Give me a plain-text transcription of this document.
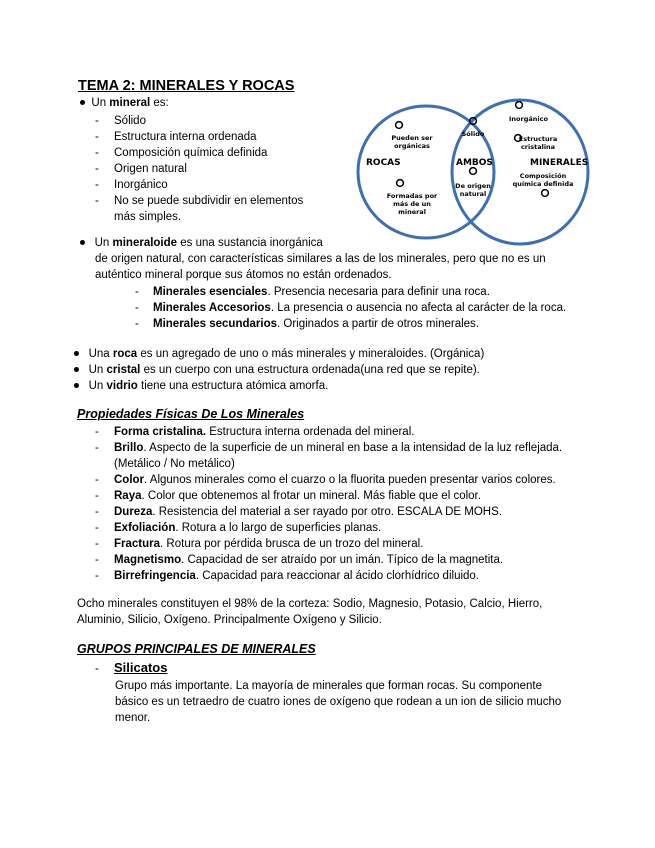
TEMA 2: MINERALES Y ROCAS
Un mineral es:
- Sólido
- Estructura interna ordenada
- Composición química definida
- Origen natural
- Inorgánico
- No se puede subdividir en elementos
más simples.
ROCAS	MINERALES
AMBOS
Pueden ser
orgánicas
Formadas por
más de un
mineral
Sólido
De origen
natural
Inorgánico
Estructura
cristalina
Composición
química definida
Un mineraloide es una sustancia inorgánica
de origen natural, con características similares a las de los minerales, pero que no es un
auténtico mineral porque sus átomos no están ordenados.
- Minerales esenciales. Presencia necesaria para definir una roca.
- Minerales Accesorios. La presencia o ausencia no afecta al carácter de la roca.
- Minerales secundarios. Originados a partir de otros minerales.
Una roca es un agregado de uno o más minerales y mineraloides. (Orgánica)
Un cristal es un cuerpo con una estructura ordenada(una red que se repite).
Un vidrio tiene una estructura atómica amorfa.
Propiedades Físicas De Los Minerales
- Forma cristalina. Estructura interna ordenada del mineral.
- Brillo. Aspecto de la superficie de un mineral en base a la intensidad de la luz reflejada.
(Metálico / No metálico)
- Color. Algunos minerales como el cuarzo o la fluorita pueden presentar varios colores.
- Raya. Color que obtenemos al frotar un mineral. Más fiable que el color.
- Dureza. Resistencia del material a ser rayado por otro. ESCALA DE MOHS.
- Exfoliación. Rotura a lo largo de superficies planas.
- Fractura. Rotura por pérdida brusca de un trozo del mineral.
- Magnetismo. Capacidad de ser atraído por un imán. Típico de la magnetita.
- Birrefringencia. Capacidad para reaccionar al ácido clorhídrico diluido.
Ocho minerales constituyen el 98% de la corteza: Sodio, Magnesio, Potasio, Calcio, Hierro,
Aluminio, Silicio, Oxígeno. Principalmente Oxígeno y Silicio.
GRUPOS PRINCIPALES DE MINERALES
- Silicatos
Grupo más importante. La mayoría de minerales que forman rocas. Su componente
básico es un tetraedro de cuatro iones de oxígeno que rodean a un ion de silicio mucho
menor.
